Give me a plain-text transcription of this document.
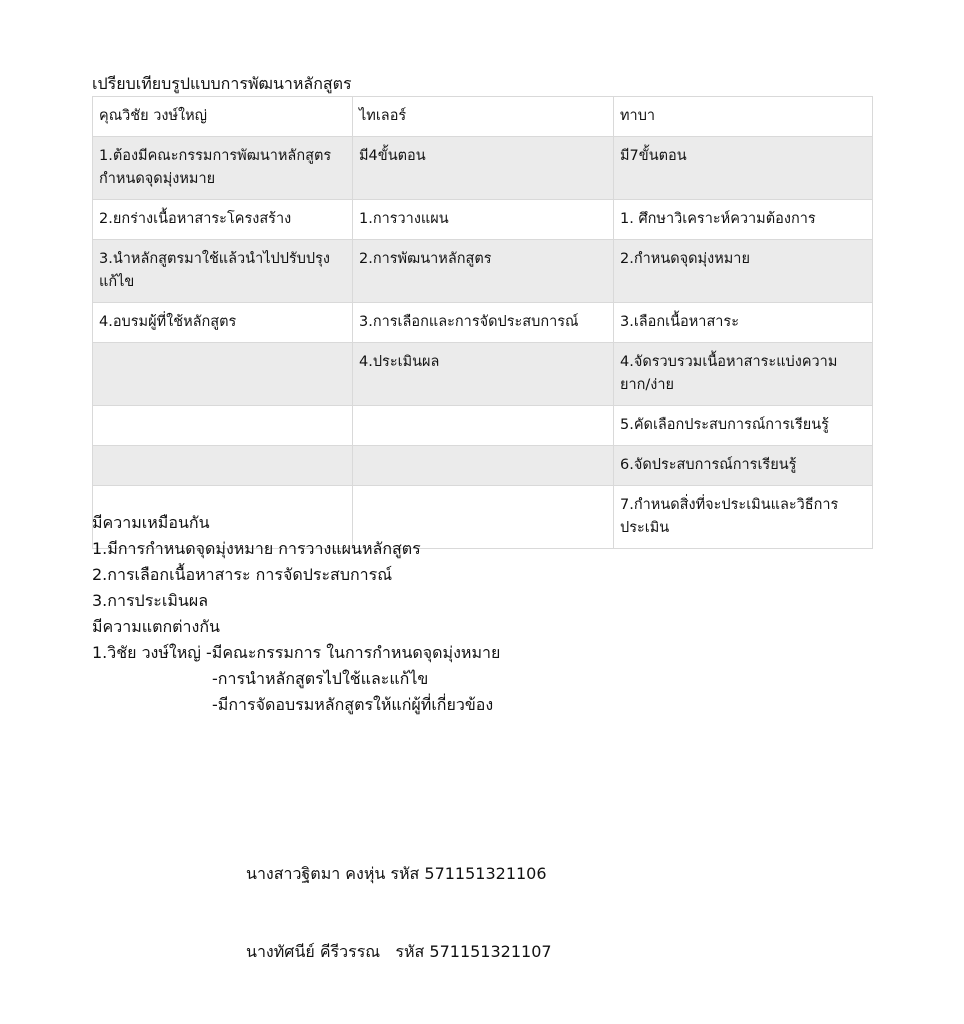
เปรียบเทียบรูปแบบการพัฒนาหลักสูตร
คุณวิชัย วงษ์ใหญ่	ไทเลอร์	ทาบา
1.ต้องมีคณะกรรมการพัฒนาหลักสูตร กำหนดจุดมุ่งหมาย	มี4ขั้นตอน	มี7ขั้นตอน
2.ยกร่างเนื้อหาสาระโครงสร้าง	1.การวางแผน	1. ศึกษาวิเคราะห์ความต้องการ
3.นำหลักสูตรมาใช้แล้วนำไปปรับปรุงแก้ไข	2.การพัฒนาหลักสูตร	2.กำหนดจุดมุ่งหมาย
4.อบรมผู้ที่ใช้หลักสูตร	3.การเลือกและการจัดประสบการณ์	3.เลือกเนื้อหาสาระ
	4.ประเมินผล	4.จัดรวบรวมเนื้อหาสาระแบ่งความยาก/ง่าย
		5.คัดเลือกประสบการณ์การเรียนรู้
		6.จัดประสบการณ์การเรียนรู้
		7.กำหนดสิ่งที่จะประเมินและวิธีการประเมิน
มีความเหมือนกัน
1.มีการกำหนดจุดมุ่งหมาย การวางแผนหลักสูตร
2.การเลือกเนื้อหาสาระ การจัดประสบการณ์
3.การประเมินผล
มีความแตกต่างกัน
1.วิชัย วงษ์ใหญ่ -มีคณะกรรมการ ในการกำหนดจุดมุ่งหมาย
-การนำหลักสูตรไปใช้และแก้ไข
-มีการจัดอบรมหลักสูตรให้แก่ผู้ที่เกี่ยวข้อง

นางสาวฐิตมา คงหุ่น รหัส 571151321106

นางทัศนีย์ คีรีวรรณ   รหัส 571151321107
